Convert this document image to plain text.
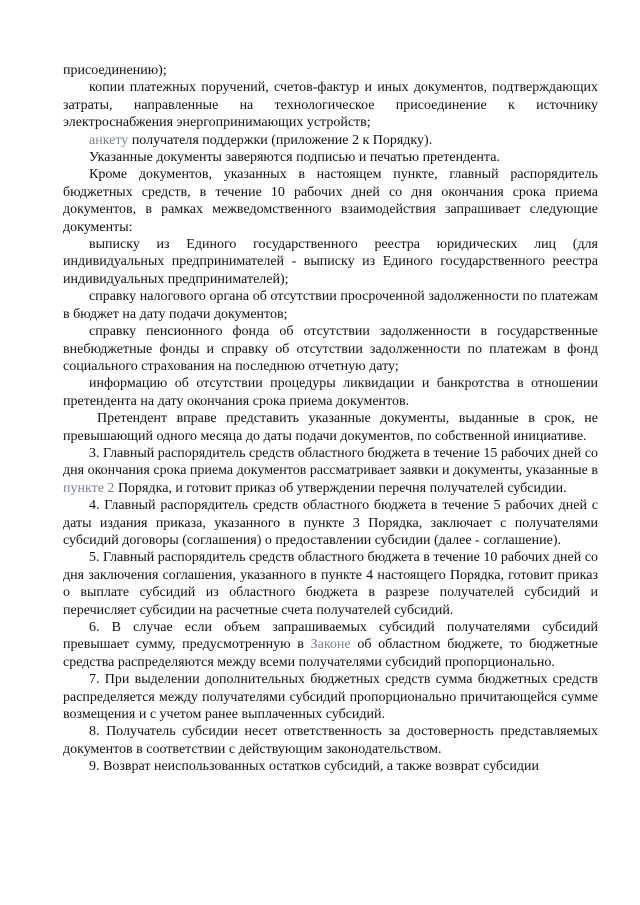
присоединению);

копии платежных поручений, счетов-фактур и иных документов, подтверждающих затраты, направленные на технологическое присоединение к источнику электроснабжения энергопринимающих устройств;

анкету получателя поддержки (приложение 2 к Порядку).

Указанные документы заверяются подписью и печатью претендента.

Кроме документов, указанных в настоящем пункте, главный распорядитель бюджетных средств, в течение 10 рабочих дней со дня окончания срока приема документов, в рамках межведомственного взаимодействия запрашивает следующие документы:

выписку из Единого государственного реестра юридических лиц (для индивидуальных предпринимателей - выписку из Единого государственного реестра индивидуальных предпринимателей);

справку налогового органа об отсутствии просроченной задолженности по платежам в бюджет на дату подачи документов;

справку пенсионного фонда об отсутствии задолженности в государственные внебюджетные фонды и справку об отсутствии задолженности по платежам в фонд социального страхования на последнюю отчетную дату;

информацию об отсутствии процедуры ликвидации и банкротства в отношении претендента на дату окончания срока приема документов.

Претендент вправе представить указанные документы, выданные в срок, не превышающий одного месяца до даты подачи документов, по собственной инициативе.

3. Главный распорядитель средств областного бюджета в течение 15 рабочих дней со дня окончания срока приема документов рассматривает заявки и документы, указанные в пункте 2 Порядка, и готовит приказ об утверждении перечня получателей субсидии.

4. Главный распорядитель средств областного бюджета в течение 5 рабочих дней с даты издания приказа, указанного в пункте 3 Порядка, заключает с получателями субсидий договоры (соглашения) о предоставлении субсидии (далее - соглашение).

5. Главный распорядитель средств областного бюджета в течение 10 рабочих дней со дня заключения соглашения, указанного в пункте 4 настоящего Порядка, готовит приказ о выплате субсидий из областного бюджета в разрезе получателей субсидий и перечисляет субсидии на расчетные счета получателей субсидий.

6. В случае если объем запрашиваемых субсидий получателями субсидий превышает сумму, предусмотренную в Законе об областном бюджете, то бюджетные средства распределяются между всеми получателями субсидий пропорционально.

7. При выделении дополнительных бюджетных средств сумма бюджетных средств распределяется между получателями субсидий пропорционально причитающейся сумме возмещения и с учетом ранее выплаченных субсидий.

8. Получатель субсидии несет ответственность за достоверность представляемых документов в соответствии с действующим законодательством.

9. Возврат неиспользованных остатков субсидий, а также возврат субсидии
